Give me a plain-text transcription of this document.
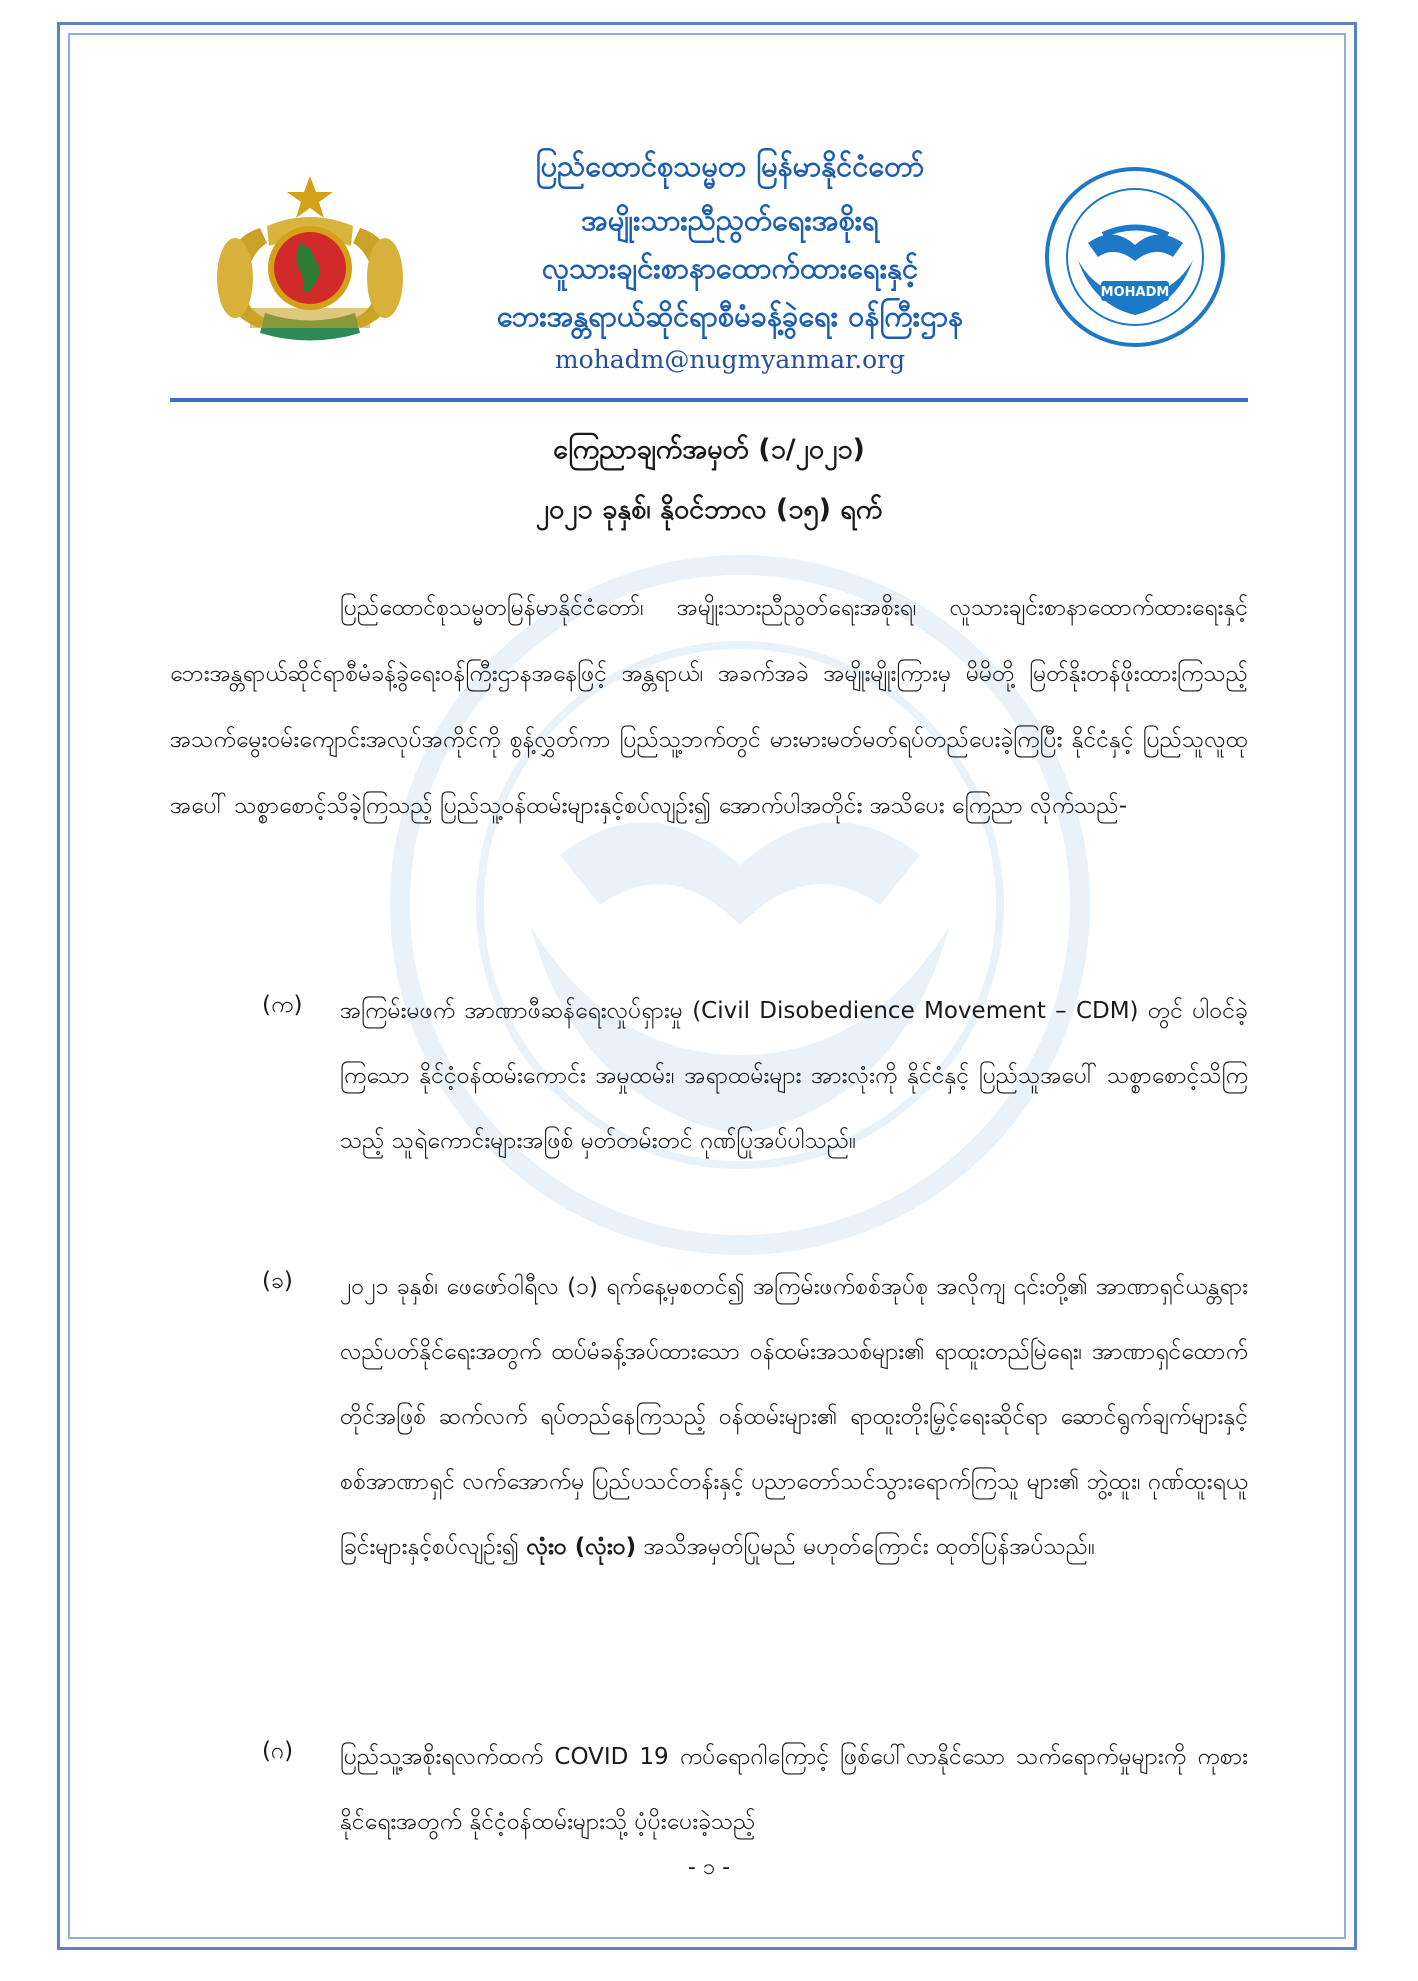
ပြည်ထောင်စုသမ္မတ မြန်မာနိုင်ငံတော်
အမျိုးသားညီညွတ်ရေးအစိုးရ
လူသားချင်းစာနာထောက်ထားရေးနှင့်
ဘေးအန္တရာယ်ဆိုင်ရာစီမံခန့်ခွဲရေး ဝန်ကြီးဌာန
mohadm@nugmyanmar.org
MOHADM
ကြေညာချက်အမှတ် (၁/၂၀၂၁)
၂၀၂၁ ခုနှစ်၊ နိုဝင်ဘာလ (၁၅) ရက်
ပြည်ထောင်စုသမ္မတမြန်မာနိုင်ငံတော်၊ အမျိုးသားညီညွတ်ရေးအစိုးရ၊ လူသားချင်းစာနာထောက်ထားရေးနှင့် ဘေးအန္တရာယ်ဆိုင်ရာစီမံခန့်ခွဲရေးဝန်ကြီးဌာနအနေဖြင့် အန္တရာယ်၊ အခက်အခဲ အမျိုးမျိုးကြားမှ မိမိတို့ မြတ်နိုးတန်ဖိုးထားကြသည့် အသက်မွေးဝမ်းကျောင်းအလုပ်အကိုင်ကို စွန့်လွှတ်ကာ ပြည်သူ့ဘက်တွင် မားမားမတ်မတ်ရပ်တည်ပေးခဲ့ကြပြီး နိုင်ငံနှင့် ပြည်သူလူထုအပေါ် သစ္စာစောင့်သိခဲ့ကြသည့် ပြည်သူ့ဝန်ထမ်းများနှင့်စပ်လျဉ်း၍ အောက်ပါအတိုင်း အသိပေး ကြေညာ လိုက်သည်-
(က) အကြမ်းမဖက် အာဏာဖီဆန်ရေးလှုပ်ရှားမှု (Civil Disobedience Movement – CDM) တွင် ပါဝင်ခဲ့ကြသော နိုင်ငံ့ဝန်ထမ်းကောင်း အမှုထမ်း၊ အရာထမ်းများ အားလုံးကို နိုင်ငံနှင့် ပြည်သူအပေါ် သစ္စာစောင့်သိကြသည့် သူရဲကောင်းများအဖြစ် မှတ်တမ်းတင် ဂုဏ်ပြုအပ်ပါသည်။
(ခ) ၂၀၂၁ ခုနှစ်၊ ဖေဖော်ဝါရီလ (၁) ရက်နေ့မှစတင်၍ အကြမ်းဖက်စစ်အုပ်စု အလိုကျ ၎င်းတို့၏ အာဏာရှင်ယန္တရား လည်ပတ်နိုင်ရေးအတွက် ထပ်မံခန့်အပ်ထားသော ဝန်ထမ်းအသစ်များ၏ ရာထူးတည်မြဲရေး၊ အာဏာရှင်ထောက်တိုင်အဖြစ် ဆက်လက် ရပ်တည်နေကြသည့် ဝန်ထမ်းများ၏ ရာထူးတိုးမြှင့်ရေးဆိုင်ရာ ဆောင်ရွက်ချက်များနှင့် စစ်အာဏာရှင် လက်အောက်မှ ပြည်ပသင်တန်းနှင့် ပညာတော်သင်သွားရောက်ကြသူ များ၏ ဘွဲ့ထူး၊ ဂုဏ်ထူးရယူခြင်းများနှင့်စပ်လျဉ်း၍ လုံးဝ (လုံးဝ) အသိအမှတ်ပြုမည် မဟုတ်ကြောင်း ထုတ်ပြန်အပ်သည်။
(ဂ) ပြည်သူ့အစိုးရလက်ထက် COVID 19 ကပ်ရောဂါကြောင့် ဖြစ်ပေါ်လာနိုင်သော သက်ရောက်မှုများကို ကုစားနိုင်ရေးအတွက် နိုင်ငံ့ဝန်ထမ်းများသို့ ပံ့ပိုးပေးခဲ့သည့်
- ၁ -
